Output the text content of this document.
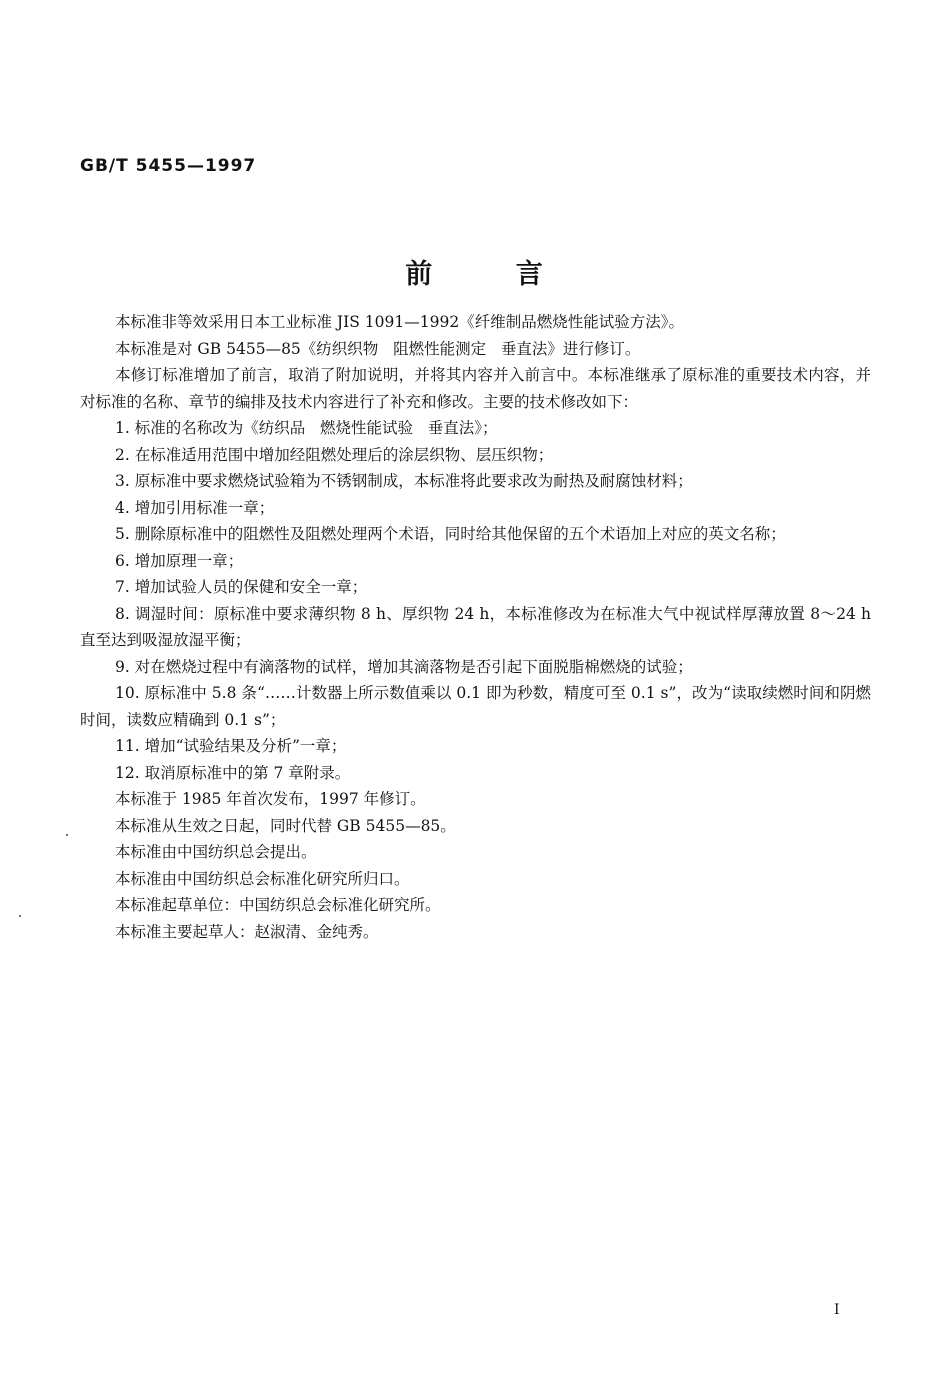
GB/T 5455—1997
前 言

本标准非等效采用日本工业标准 JIS 1091—1992《纤维制品燃烧性能试验方法》。

本标准是对 GB 5455—85《纺织织物   阻燃性能测定   垂直法》进行修订。

本修订标准增加了前言，取消了附加说明，并将其内容并入前言中。本标准继承了原标准的重要技术内容，并对标准的名称、章节的编排及技术内容进行了补充和修改。主要的技术修改如下：

1. 标准的名称改为《纺织品   燃烧性能试验   垂直法》；

2. 在标准适用范围中增加经阻燃处理后的涂层织物、层压织物；

3. 原标准中要求燃烧试验箱为不锈钢制成，本标准将此要求改为耐热及耐腐蚀材料；

4. 增加引用标准一章；

5. 删除原标准中的阻燃性及阻燃处理两个术语，同时给其他保留的五个术语加上对应的英文名称；

6. 增加原理一章；

7. 增加试验人员的保健和安全一章；

8. 调湿时间：原标准中要求薄织物 8 h、厚织物 24 h，本标准修改为在标准大气中视试样厚薄放置 8～24 h 直至达到吸湿放湿平衡；

9. 对在燃烧过程中有滴落物的试样，增加其滴落物是否引起下面脱脂棉燃烧的试验；

10. 原标准中 5.8 条“……计数器上所示数值乘以 0.1 即为秒数，精度可至 0.1 s”，改为“读取续燃时间和阴燃时间，读数应精确到 0.1 s”；

11. 增加“试验结果及分析”一章；

12. 取消原标准中的第 7 章附录。

本标准于 1985 年首次发布，1997 年修订。

本标准从生效之日起，同时代替 GB 5455—85。

本标准由中国纺织总会提出。

本标准由中国纺织总会标准化研究所归口。

本标准起草单位：中国纺织总会标准化研究所。

本标准主要起草人：赵淑清、金纯秀。

I
